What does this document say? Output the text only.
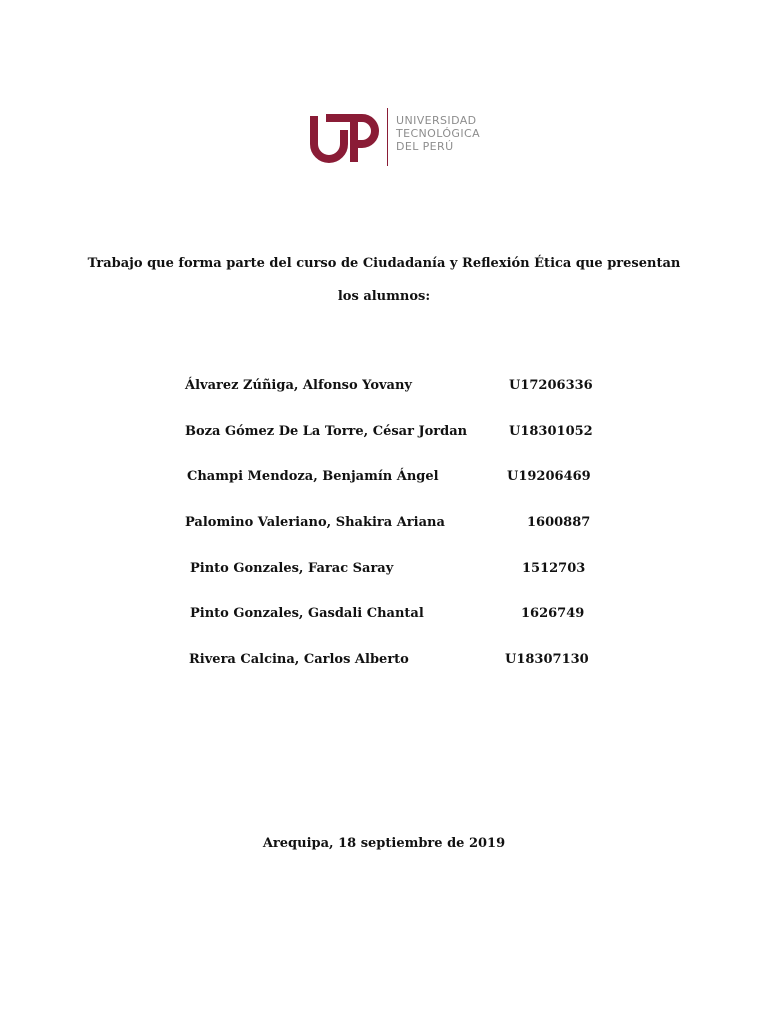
UNIVERSIDAD
TECNOLÓGICA
DEL PERÚ
Trabajo que forma parte del curso de Ciudadanía y Reflexión Ética que presentan
los alumnos:
Álvarez Zúñiga, Alfonso Yovany	U17206336
Boza Gómez De La Torre, César Jordan	U18301052
Champi Mendoza, Benjamín Ángel	U19206469
Palomino Valeriano, Shakira Ariana	1600887
Pinto Gonzales, Farac Saray	1512703
Pinto Gonzales, Gasdali Chantal	1626749
Rivera Calcina, Carlos Alberto	U18307130
Arequipa, 18 septiembre de 2019
